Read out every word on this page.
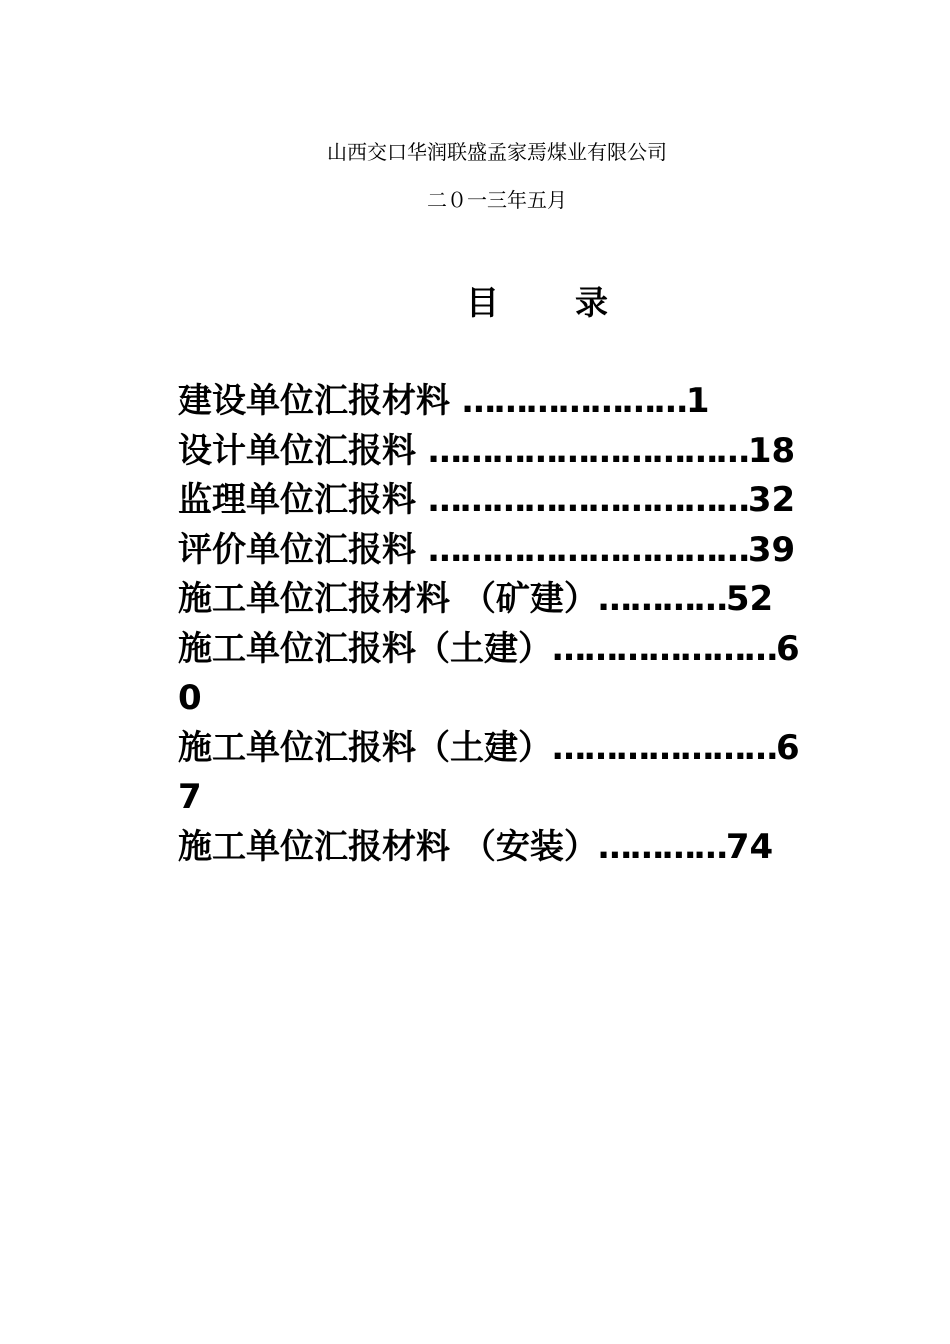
山西交口华润联盛孟家焉煤业有限公司
二０一三年五月
目录
建设单位汇报材料 …………………1
设计单位汇报料 …………………………18
监理单位汇报料 …………………………32
评价单位汇报料 …………………………39
施工单位汇报材料 （矿建）…………52
施工单位汇报料（土建）…………………60
施工单位汇报料（土建）…………………67
施工单位汇报材料 （安装）…………74
